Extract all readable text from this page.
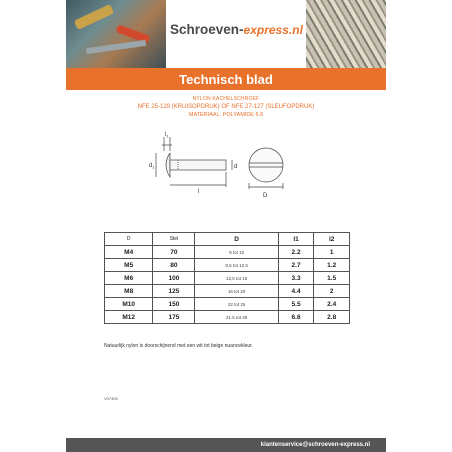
Schroeven-express.nl
Technisch blad
NYLON KACHELSCHROEF
NFE 25-129 (KRUISOPDRUK) OF NFE 27-127 (SLEUFOPDRUK)
MATERIAAL: POLYAMIDE 6.6
$l_1$
$d_1$
l
d
D
D	Stel	D	l1	l2
M4	70	9 tot 10	2.2	1
M5	80	8,5 tot 12,5	2.7	1.2
M6	100	13,5 tot 15	3.3	1.5
M8	125	16 tot 20	4.4	2
M10	150	22 tot 25	5.5	2.4
M12	175	21.5 tot 30	6.6	2.8
Natuurlijk nylon is doorschijnend met een wit tot beige nuancekleur.
V07300
klantenservice@schroeven-express.nl
